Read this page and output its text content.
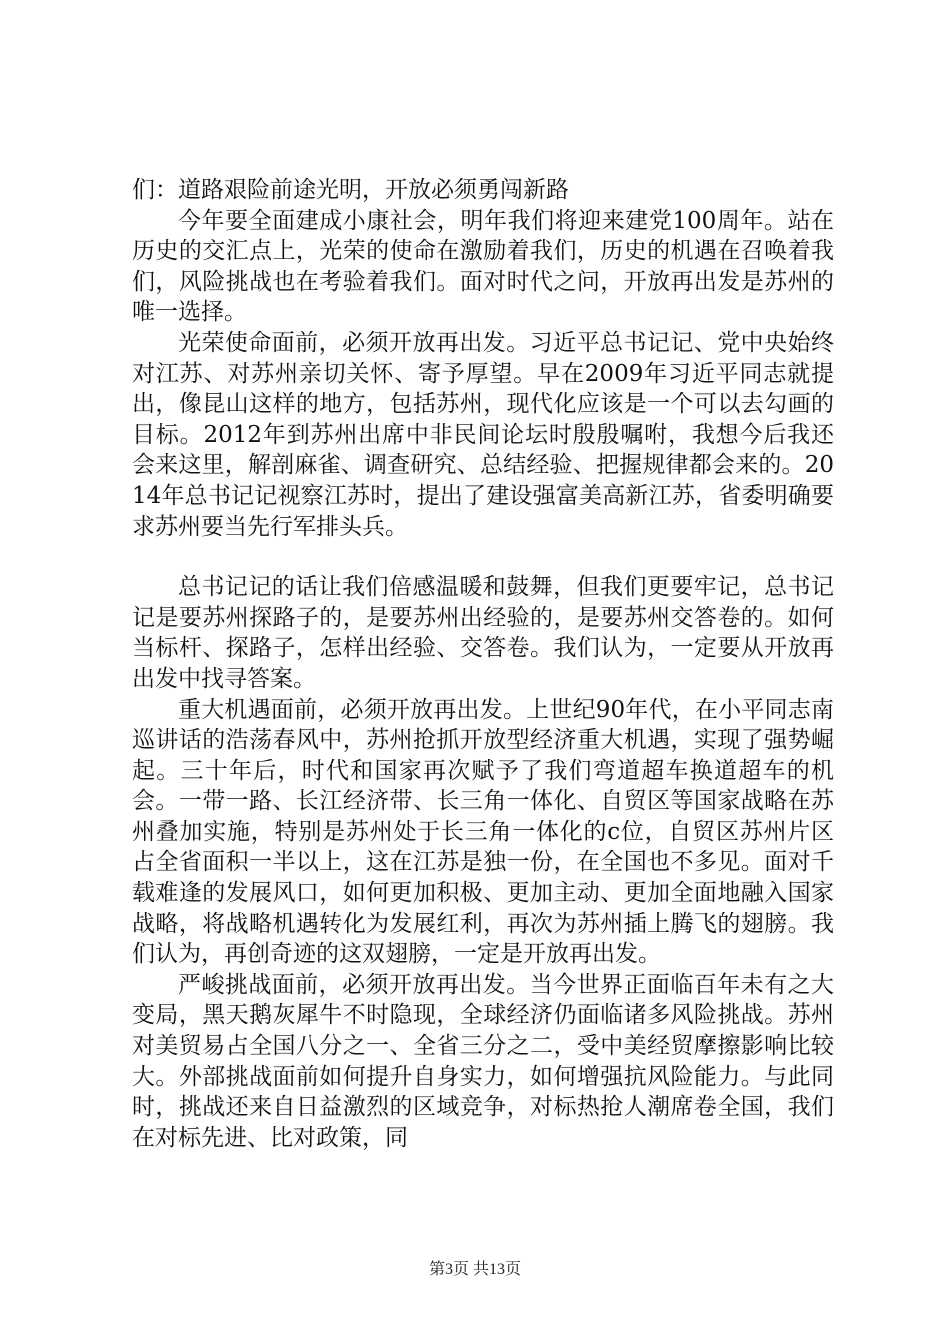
们：道路艰险前途光明，开放必须勇闯新路

今年要全面建成小康社会，明年我们将迎来建党100周年。站在历史的交汇点上，光荣的使命在激励着我们，历史的机遇在召唤着我们，风险挑战也在考验着我们。面对时代之问，开放再出发是苏州的唯一选择。

光荣使命面前，必须开放再出发。习近平总书记记、党中央始终对江苏、对苏州亲切关怀、寄予厚望。早在2009年习近平同志就提出，像昆山这样的地方，包括苏州，现代化应该是一个可以去勾画的目标。2012年到苏州出席中非民间论坛时殷殷嘱咐，我想今后我还会来这里，解剖麻雀、调查研究、总结经验、把握规律都会来的。2014年总书记记视察江苏时，提出了建设强富美高新江苏，省委明确要求苏州要当先行军排头兵。

总书记记的话让我们倍感温暖和鼓舞，但我们更要牢记，总书记记是要苏州探路子的，是要苏州出经验的，是要苏州交答卷的。如何当标杆、探路子，怎样出经验、交答卷。我们认为，一定要从开放再出发中找寻答案。

重大机遇面前，必须开放再出发。上世纪90年代，在小平同志南巡讲话的浩荡春风中，苏州抢抓开放型经济重大机遇，实现了强势崛起。三十年后，时代和国家再次赋予了我们弯道超车换道超车的机会。一带一路、长江经济带、长三角一体化、自贸区等国家战略在苏州叠加实施，特别是苏州处于长三角一体化的c位，自贸区苏州片区占全省面积一半以上，这在江苏是独一份，在全国也不多见。面对千载难逢的发展风口，如何更加积极、更加主动、更加全面地融入国家战略，将战略机遇转化为发展红利，再次为苏州插上腾飞的翅膀。我们认为，再创奇迹的这双翅膀，一定是开放再出发。

严峻挑战面前，必须开放再出发。当今世界正面临百年未有之大变局，黑天鹅灰犀牛不时隐现，全球经济仍面临诸多风险挑战。苏州对美贸易占全国八分之一、全省三分之二，受中美经贸摩擦影响比较大。外部挑战面前如何提升自身实力，如何增强抗风险能力。与此同时，挑战还来自日益激烈的区域竞争，对标热抢人潮席卷全国，我们在对标先进、比对政策，同

第3页 共13页
